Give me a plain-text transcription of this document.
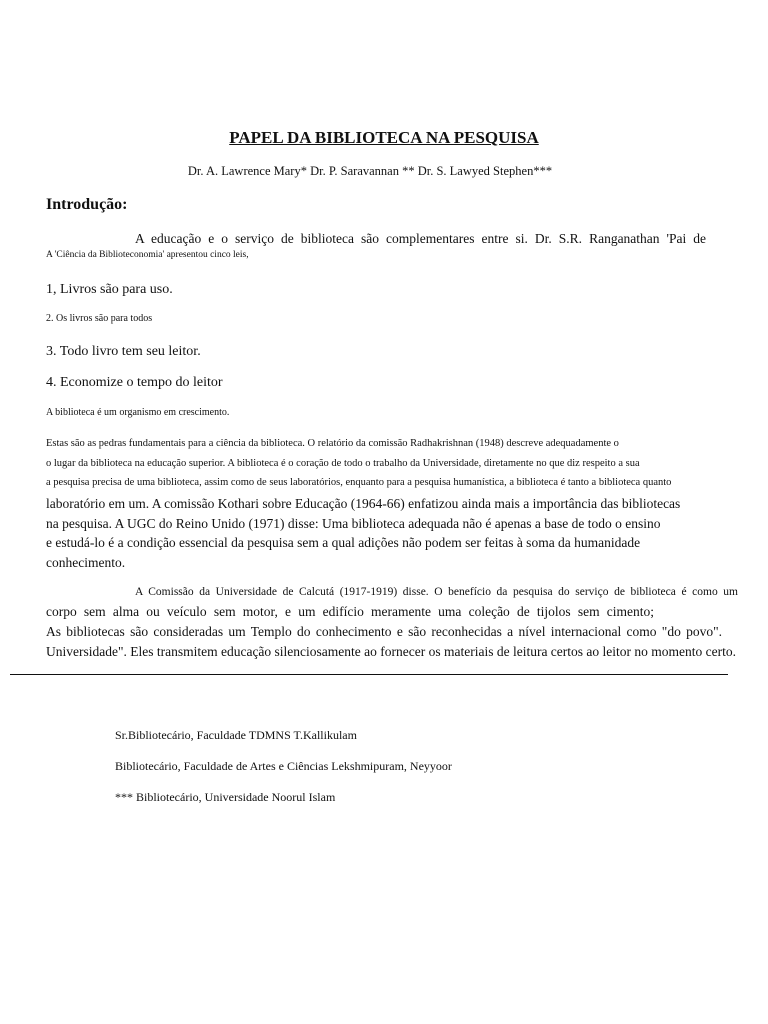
PAPEL DA BIBLIOTECA NA PESQUISA
Dr. A. Lawrence Mary* Dr. P. Saravannan ** Dr. S. Lawyed Stephen***
Introdução:
A educação e o serviço de biblioteca são complementares entre si. Dr. S.R. Ranganathan 'Pai de
A 'Ciência da Biblioteconomia' apresentou cinco leis,
1, Livros são para uso.
2. Os livros são para todos
3. Todo livro tem seu leitor.
4. Economize o tempo do leitor
A biblioteca é um organismo em crescimento.
Estas são as pedras fundamentais para a ciência da biblioteca. O relatório da comissão Radhakrishnan (1948) descreve adequadamente o
o lugar da biblioteca na educação superior. A biblioteca é o coração de todo o trabalho da Universidade, diretamente no que diz respeito a sua
a pesquisa precisa de uma biblioteca, assim como de seus laboratórios, enquanto para a pesquisa humanística, a biblioteca é tanto a biblioteca quanto
laboratório em um. A comissão Kothari sobre Educação (1964-66) enfatizou ainda mais a importância das bibliotecas
na pesquisa. A UGC do Reino Unido (1971) disse: Uma biblioteca adequada não é apenas a base de todo o ensino
e estudá-lo é a condição essencial da pesquisa sem a qual adições não podem ser feitas à soma da humanidade
conhecimento.
A Comissão da Universidade de Calcutá (1917-1919) disse. O benefício da pesquisa do serviço de biblioteca é como um
corpo sem alma ou veículo sem motor, e um edifício meramente uma coleção de tijolos sem cimento;
As bibliotecas são consideradas um Templo do conhecimento e são reconhecidas a nível internacional como "do povo".
Universidade". Eles transmitem educação silenciosamente ao fornecer os materiais de leitura certos ao leitor no momento certo.
Sr.Bibliotecário, Faculdade TDMNS T.Kallikulam
Bibliotecário, Faculdade de Artes e Ciências Lekshmipuram, Neyyoor
*** Bibliotecário, Universidade Noorul Islam
